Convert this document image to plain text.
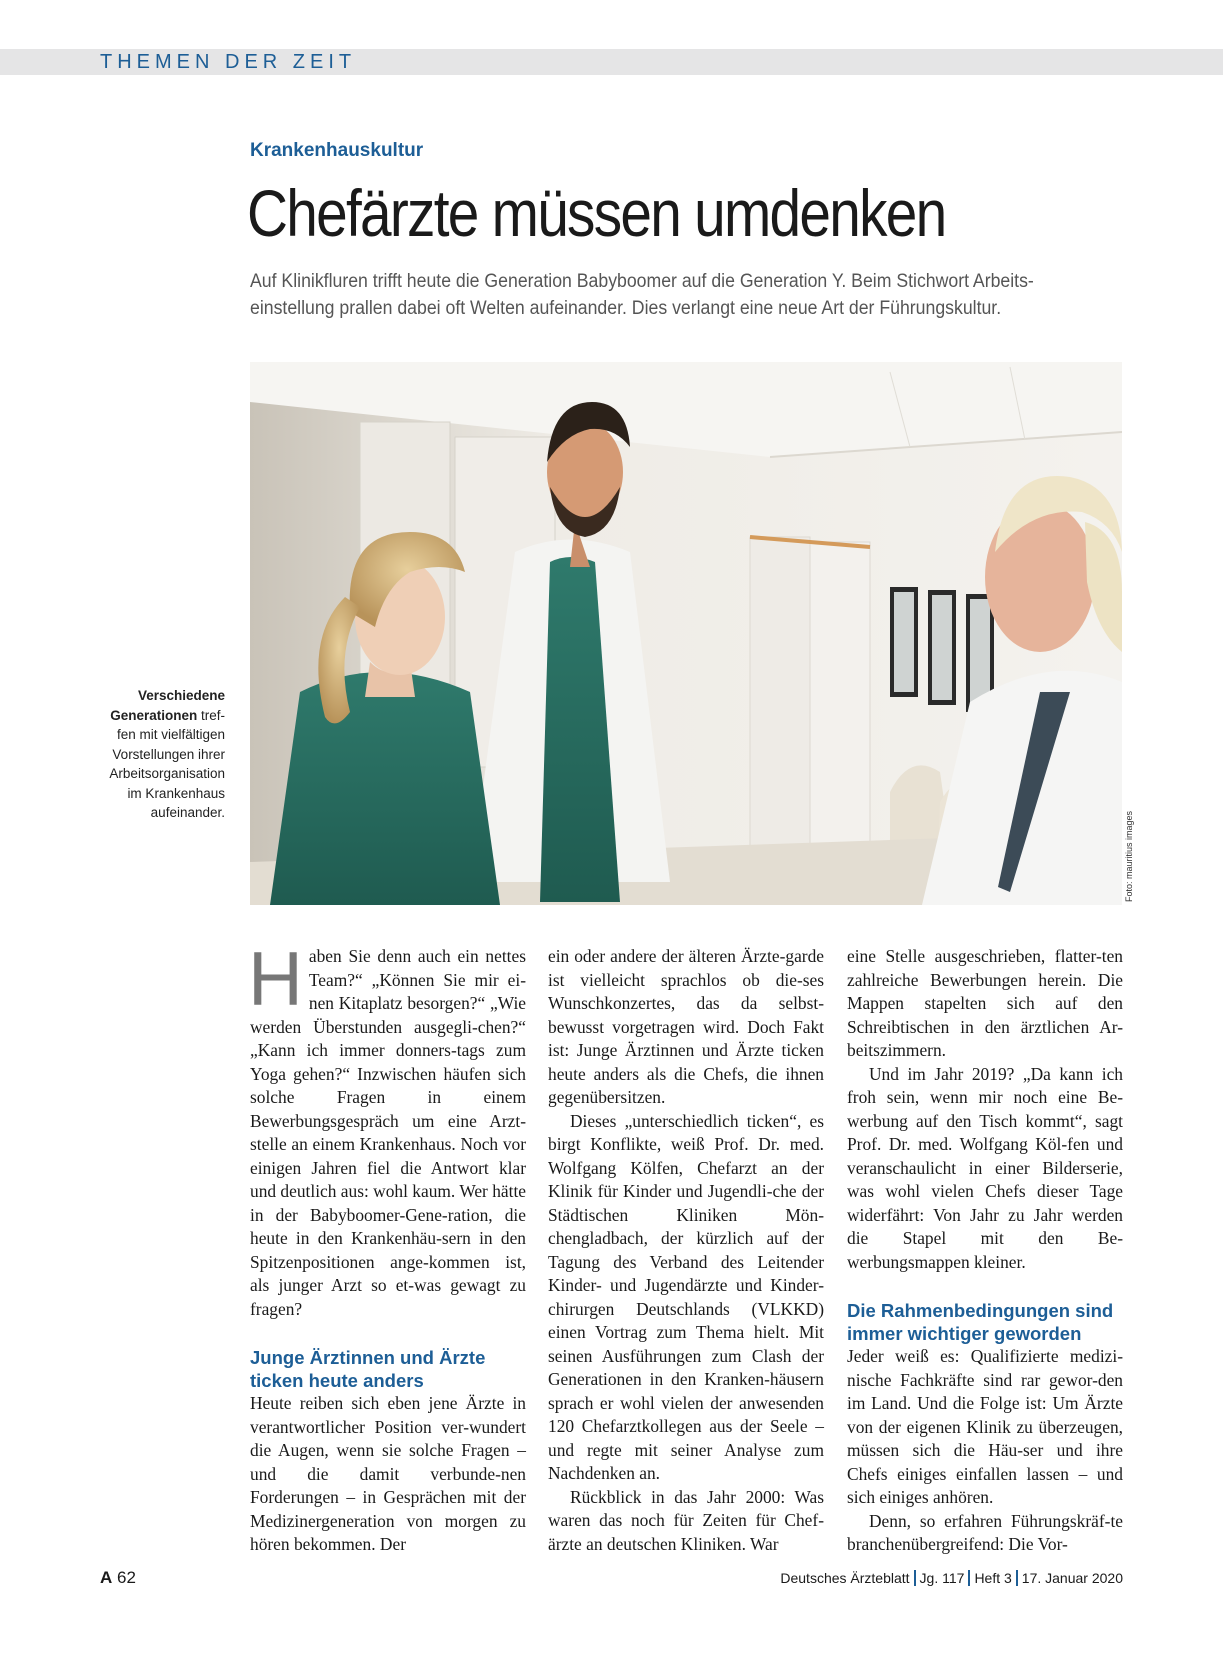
THEMEN DER ZEIT
Krankenhauskultur
Chefärzte müssen umdenken
Auf Klinikfluren trifft heute die Generation Babyboomer auf die Generation Y. Beim Stichwort Arbeits-
einstellung prallen dabei oft Welten aufeinander. Dies verlangt eine neue Art der Führungskultur.
Foto: mauritius images
Verschiedene Generationen tref-fen mit vielfältigen Vorstellungen ihrer Arbeitsorganisation im Krankenhaus aufeinander.

Haben Sie denn auch ein nettes Team?“ „Können Sie mir ei-nen Kitaplatz besorgen?“ „Wie werden Überstunden ausgegli-chen?“ „Kann ich immer donners-tags zum Yoga gehen?“ Inzwischen häufen sich solche Fragen in einem Bewerbungsgespräch um eine Arzt-stelle an einem Krankenhaus. Noch vor einigen Jahren fiel die Antwort klar und deutlich aus: wohl kaum. Wer hätte in der Babyboomer-Gene-ration, die heute in den Krankenhäu-sern in den Spitzenpositionen ange-kommen ist, als junger Arzt so et-was gewagt zu fragen?

Junge Ärztinnen und Ärzte ticken heute anders

Heute reiben sich eben jene Ärzte in verantwortlicher Position ver-wundert die Augen, wenn sie solche Fragen – und die damit verbunde-nen Forderungen – in Gesprächen mit der Medizinergeneration von morgen zu hören bekommen. Der

ein oder andere der älteren Ärzte-garde ist vielleicht sprachlos ob die-ses Wunschkonzertes, das da selbst-bewusst vorgetragen wird. Doch Fakt ist: Junge Ärztinnen und Ärzte ticken heute anders als die Chefs, die ihnen gegenübersitzen.

Dieses „unterschiedlich ticken“, es birgt Konflikte, weiß Prof. Dr. med. Wolfgang Kölfen, Chefarzt an der Klinik für Kinder und Jugendli-che der Städtischen Kliniken Mön-chengladbach, der kürzlich auf der Tagung des Verband des Leitender Kinder- und Jugendärzte und Kinder-chirurgen Deutschlands (VLKKD) einen Vortrag zum Thema hielt. Mit seinen Ausführungen zum Clash der Generationen in den Kranken-häusern sprach er wohl vielen der anwesenden 120 Chefarztkollegen aus der Seele – und regte mit seiner Analyse zum Nachdenken an.

Rückblick in das Jahr 2000: Was waren das noch für Zeiten für Chef-ärzte an deutschen Kliniken. War

eine Stelle ausgeschrieben, flatter-ten zahlreiche Bewerbungen herein. Die Mappen stapelten sich auf den Schreibtischen in den ärztlichen Ar-beitszimmern.

Und im Jahr 2019? „Da kann ich froh sein, wenn mir noch eine Be-werbung auf den Tisch kommt“, sagt Prof. Dr. med. Wolfgang Köl-fen und veranschaulicht in einer Bilderserie, was wohl vielen Chefs dieser Tage widerfährt: Von Jahr zu Jahr werden die Stapel mit den Be-werbungsmappen kleiner.

Die Rahmenbedingungen sind immer wichtiger geworden

Jeder weiß es: Qualifizierte medizi-nische Fachkräfte sind rar gewor-den im Land. Und die Folge ist: Um Ärzte von der eigenen Klinik zu überzeugen, müssen sich die Häu-ser und ihre Chefs einiges einfallen lassen – und sich einiges anhören.

Denn, so erfahren Führungskräf-te branchenübergreifend: Die Vor-

A 62	Deutsches Ärzteblatt Jg. 117 Heft 3 17. Januar 2020
